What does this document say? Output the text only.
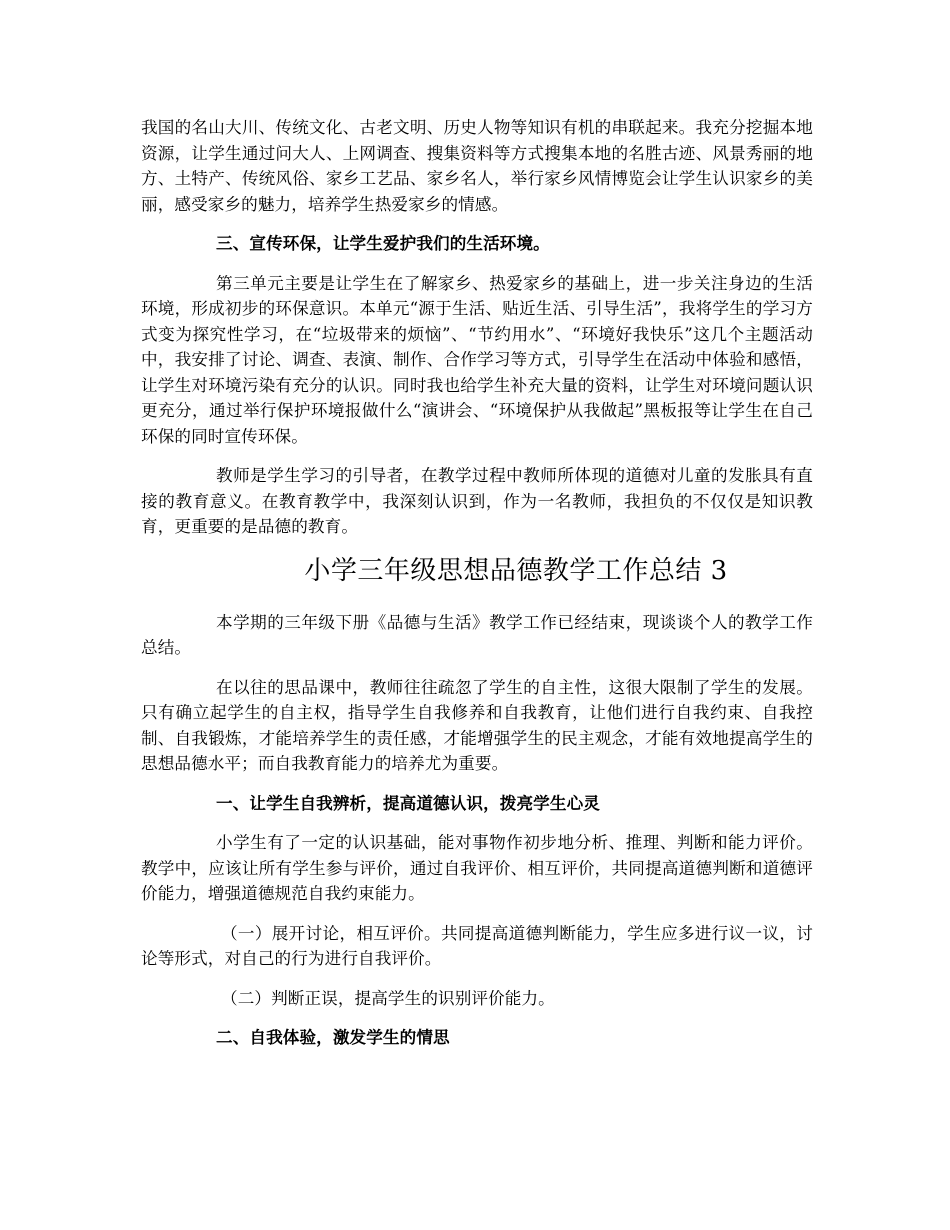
我国的名山大川、传统文化、古老文明、历史人物等知识有机的串联起来。我充分挖掘本地资源，让学生通过问大人、上网调查、搜集资料等方式搜集本地的名胜古迹、风景秀丽的地方、土特产、传统风俗、家乡工艺品、家乡名人，举行家乡风情博览会让学生认识家乡的美丽，感受家乡的魅力，培养学生热爱家乡的情感。

三、宣传环保，让学生爱护我们的生活环境。

第三单元主要是让学生在了解家乡、热爱家乡的基础上，进一步关注身边的生活环境，形成初步的环保意识。本单元“源于生活、贴近生活、引导生活”，我将学生的学习方式变为探究性学习，在“垃圾带来的烦恼”、“节约用水”、“环境好我快乐”这几个主题活动中，我安排了讨论、调查、表演、制作、合作学习等方式，引导学生在活动中体验和感悟，让学生对环境污染有充分的认识。同时我也给学生补充大量的资料，让学生对环境问题认识更充分，通过举行保护环境报做什么“演讲会、“环境保护从我做起”黑板报等让学生在自己环保的同时宣传环保。

教师是学生学习的引导者，在教学过程中教师所体现的道德对儿童的发胀具有直接的教育意义。在教育教学中，我深刻认识到，作为一名教师，我担负的不仅仅是知识教育，更重要的是品德的教育。

小学三年级思想品德教学工作总结 3

本学期的三年级下册《品德与生活》教学工作已经结束，现谈谈个人的教学工作总结。

在以往的思品课中，教师往往疏忽了学生的自主性，这很大限制了学生的发展。只有确立起学生的自主权，指导学生自我修养和自我教育，让他们进行自我约束、自我控制、自我锻炼，才能培养学生的责任感，才能增强学生的民主观念，才能有效地提高学生的思想品德水平；而自我教育能力的培养尤为重要。

一、让学生自我辨析，提高道德认识，拨亮学生心灵

小学生有了一定的认识基础，能对事物作初步地分析、推理、判断和能力评价。教学中，应该让所有学生参与评价，通过自我评价、相互评价，共同提高道德判断和道德评价能力，增强道德规范自我约束能力。

（一）展开讨论，相互评价。共同提高道德判断能力，学生应多进行议一议，讨论等形式，对自己的行为进行自我评价。

（二）判断正误，提高学生的识别评价能力。

二、自我体验，激发学生的情思
